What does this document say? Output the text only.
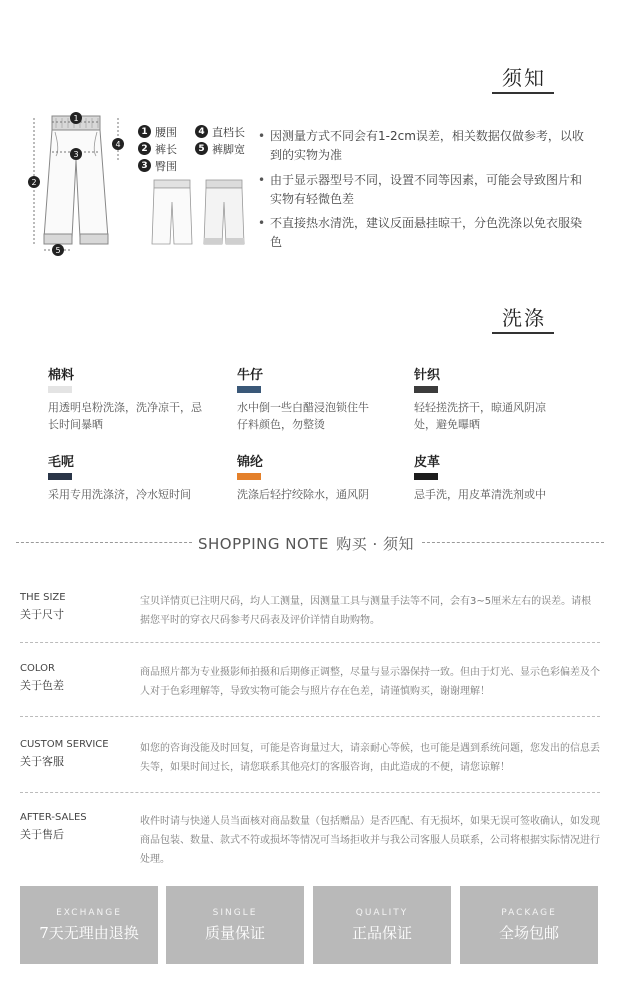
须知
1
2
3
4
5
1 腰围	4 直档长
2 裤长	5 裤脚宽
3 臀围
• 因测量方式不同会有1-2cm误差，相关数据仅做参考，以收到的实物为准
• 由于显示器型号不同，设置不同等因素，可能会导致图片和实物有轻微色差
• 不直接热水清洗，建议反面悬挂晾干，分色洗涤以免衣服染色
洗涤
棉料
用透明皂粉洗涤，洗净凉干，忌长时间暴晒
牛仔
水中倒一些白醋浸泡锁住牛仔料颜色，勿整烫
针织
轻轻搓洗挤干，晾通风阴凉处，避免曝晒
毛呢
采用专用洗涤济，冷水短时间
锦纶
洗涤后轻拧绞除水，通风阴
皮革
忌手洗，用皮革清洗剂或中
SHOPPING NOTE 购买 · 须知
THE SIZE
关于尺寸
宝贝详情页已注明尺码，均人工测量，因测量工具与测量手法等不同，会有3~5厘米左右的误差。请根据您平时的穿衣尺码参考尺码表及评价详情自助购物。
COLOR
关于色差
商品照片都为专业摄影师拍摄和后期修正调整，尽量与显示器保持一致。但由于灯光、显示色彩偏差及个人对于色彩理解等，导致实物可能会与照片存在色差，请谨慎购买，谢谢理解！
CUSTOM SERVICE
关于客服
如您的咨询没能及时回复，可能是咨询量过大，请亲耐心等候，也可能是遇到系统问题，您发出的信息丢失等，如果时间过长，请您联系其他亮灯的客服咨询，由此造成的不便，请您谅解！
AFTER-SALES
关于售后
收件时请与快递人员当面核对商品数量（包括赠品）是否匹配、有无损坏，如果无误可签收确认，如发现商品包装、数量、款式不符或损坏等情况可当场拒收并与我公司客服人员联系，公司将根据实际情况进行处理。
EXCHANGE
7天无理由退换
SINGLE
质量保证
QUALITY
正品保证
PACKAGE
全场包邮
